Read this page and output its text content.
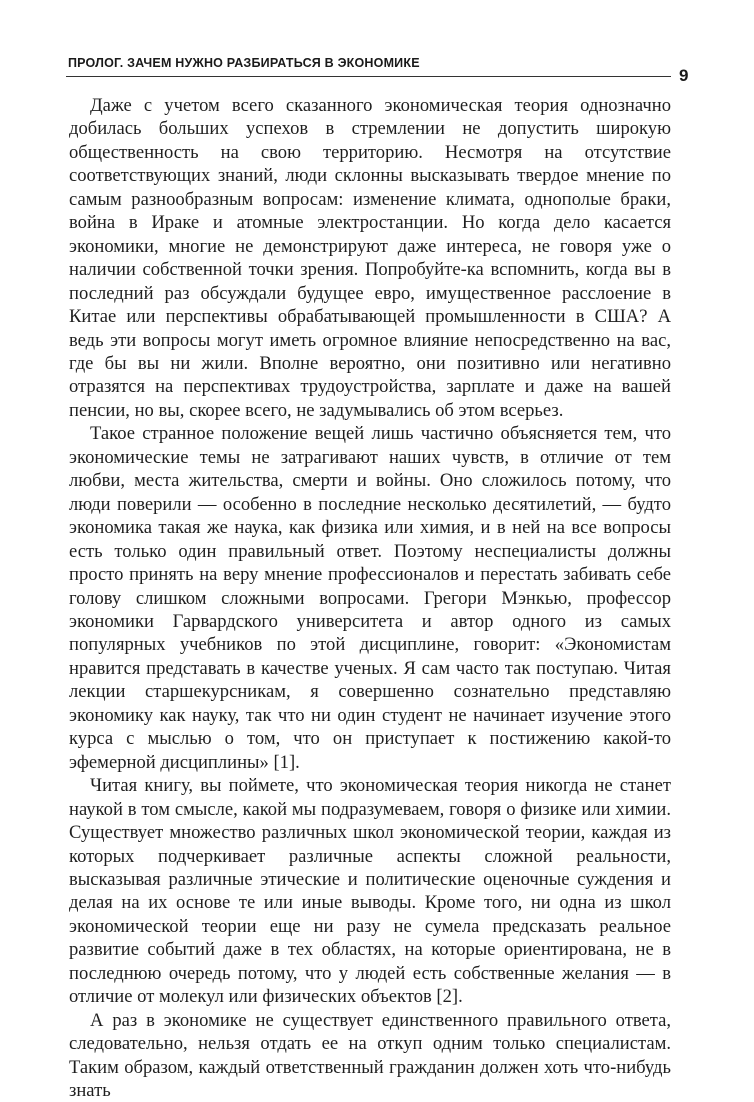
ПРОЛОГ. ЗАЧЕМ НУЖНО РАЗБИРАТЬСЯ В ЭКОНОМИКЕ
9

Даже с учетом всего сказанного экономическая теория однозначно добилась больших успехов в стремлении не допустить широкую общественность на свою территорию. Несмотря на отсутствие соответствующих знаний, люди склонны высказывать твердое мнение по самым разнообразным вопросам: изменение климата, однополые браки, война в Ираке и атомные электростанции. Но когда дело касается экономики, многие не демонстрируют даже интереса, не говоря уже о наличии собственной точки зрения. Попробуйте-ка вспомнить, когда вы в последний раз обсуждали будущее евро, имущественное расслоение в Китае или перспективы обрабатывающей промышленности в США? А ведь эти вопросы могут иметь огромное влияние непосредственно на вас, где бы вы ни жили. Вполне вероятно, они позитивно или негативно отразятся на перспективах трудоустройства, зарплате и даже на вашей пенсии, но вы, скорее всего, не задумывались об этом всерьез.

Такое странное положение вещей лишь частично объясняется тем, что экономические темы не затрагивают наших чувств, в отличие от тем любви, места жительства, смерти и войны. Оно сложилось потому, что люди поверили — особенно в последние несколько десятилетий, — будто экономика такая же наука, как физика или химия, и в ней на все вопросы есть только один правильный ответ. Поэтому неспециалисты должны просто принять на веру мнение профессионалов и перестать забивать себе голову слишком сложными вопросами. Грегори Мэнкью, профессор экономики Гарвардского университета и автор одного из самых популярных учебников по этой дисциплине, говорит: «Экономистам нравится представать в качестве ученых. Я сам часто так поступаю. Читая лекции старшекурсникам, я совершенно сознательно представляю экономику как науку, так что ни один студент не начинает изучение этого курса с мыслью о том, что он приступает к постижению какой-то эфемерной дисциплины» [1].

Читая книгу, вы поймете, что экономическая теория никогда не станет наукой в том смысле, какой мы подразумеваем, говоря о физике или химии. Существует множество различных школ экономической теории, каждая из которых подчеркивает различные аспекты сложной реальности, высказывая различные этические и политические оценочные суждения и делая на их основе те или иные выводы. Кроме того, ни одна из школ экономической теории еще ни разу не сумела предсказать реальное развитие событий даже в тех областях, на которые ориентирована, не в последнюю очередь потому, что у людей есть собственные желания — в отличие от молекул или физических объектов [2].

А раз в экономике не существует единственного правильного ответа, следовательно, нельзя отдать ее на откуп одним только специалистам. Таким образом, каждый ответственный гражданин должен хоть что-нибудь знать
